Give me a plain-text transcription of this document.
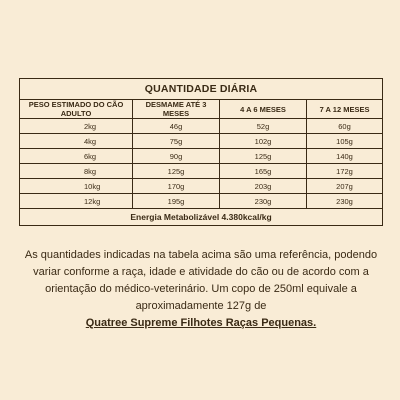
QUANTIDADE DIÁRIA			
PESO ESTIMADO DO CÃO ADULTO	DESMAME ATÉ 3 MESES	4 A 6 MESES	7 A 12 MESES
2kg	46g	52g	60g
4kg	75g	102g	105g
6kg	90g	125g	140g
8kg	125g	165g	172g
10kg	170g	203g	207g
12kg	195g	230g	230g
Energia Metabolizável 4.380kcal/kg			

As quantidades indicadas na tabela acima são uma referência, podendo variar conforme a raça, idade e atividade do cão ou de acordo com a orientação do médico-veterinário. Um copo de 250ml equivale a aproximadamente 127g de
Quatree Supreme Filhotes Raças Pequenas.
